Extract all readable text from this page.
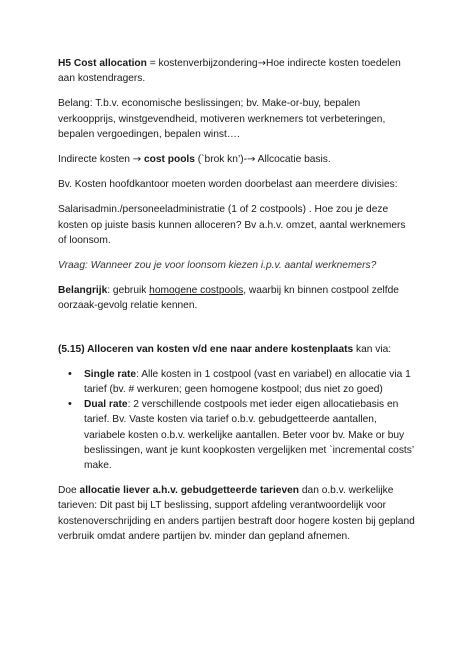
H5 Cost allocation = kostenverbijzondering→Hoe indirecte kosten toedelen aan kostendragers.

Belang: T.b.v. economische beslissingen; bv. Make-or-buy, bepalen verkoopprijs, winstgevendheid, motiveren werknemers tot verbeteringen, bepalen vergoedingen, bepalen winst….

Indirecte kosten → cost pools (`brok kn’)-→ Allcocatie basis.

Bv. Kosten hoofdkantoor moeten worden doorbelast aan meerdere divisies:

Salarisadmin./personeeladministratie (1 of 2 costpools) . Hoe zou je deze kosten op juiste basis kunnen alloceren? Bv a.h.v. omzet, aantal werknemers of loonsom.

Vraag: Wanneer zou je voor loonsom kiezen i.p.v. aantal werknemers?

Belangrijk: gebruik homogene costpools, waarbij kn binnen costpool zelfde oorzaak-gevolg relatie kennen.

(5.15) Alloceren van kosten v/d ene naar andere kostenplaats kan via:

• Single rate: Alle kosten in 1 costpool (vast en variabel) en allocatie via 1 tarief (bv. # werkuren; geen homogene kostpool; dus niet zo goed)
• Dual rate: 2 verschillende costpools met ieder eigen allocatiebasis en tarief. Bv. Vaste kosten via tarief o.b.v. gebudgetteerde aantallen, variabele kosten o.b.v. werkelijke aantallen. Beter voor bv. Make or buy beslissingen, want je kunt koopkosten vergelijken met `incremental costs’ make.

Doe allocatie liever a.h.v. gebudgetteerde tarieven dan o.b.v. werkelijke tarieven: Dit past bij LT beslissing, support afdeling verantwoordelijk voor kostenoverschrijding en anders partijen bestraft door hogere kosten bij gepland verbruik omdat andere partijen bv. minder dan gepland afnemen.
